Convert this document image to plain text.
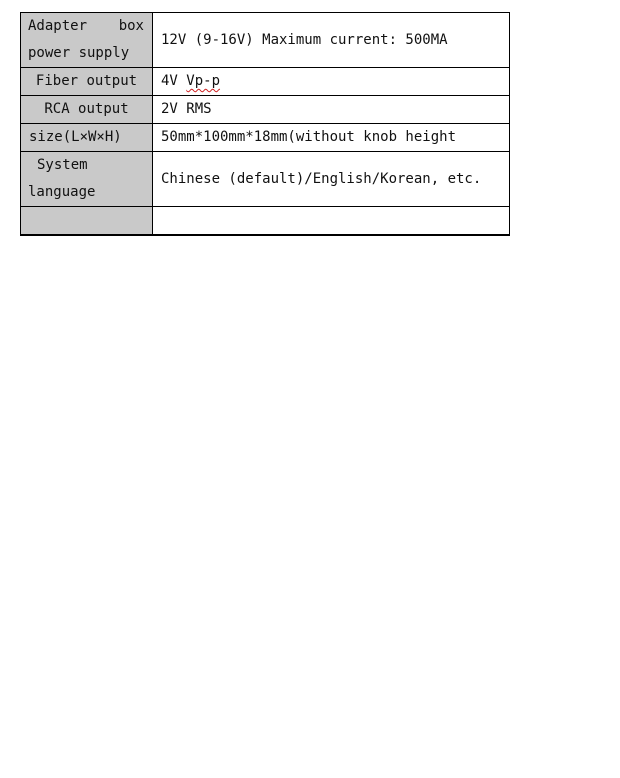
Adapter box
power supply	12V (9-16V) Maximum current: 500MA

Fiber output	4V Vp-p

RCA output	2V RMS

size(L×W×H)	50mm*100mm*18mm(without knob height

System
language	Chinese (default)/English/Korean, etc.
